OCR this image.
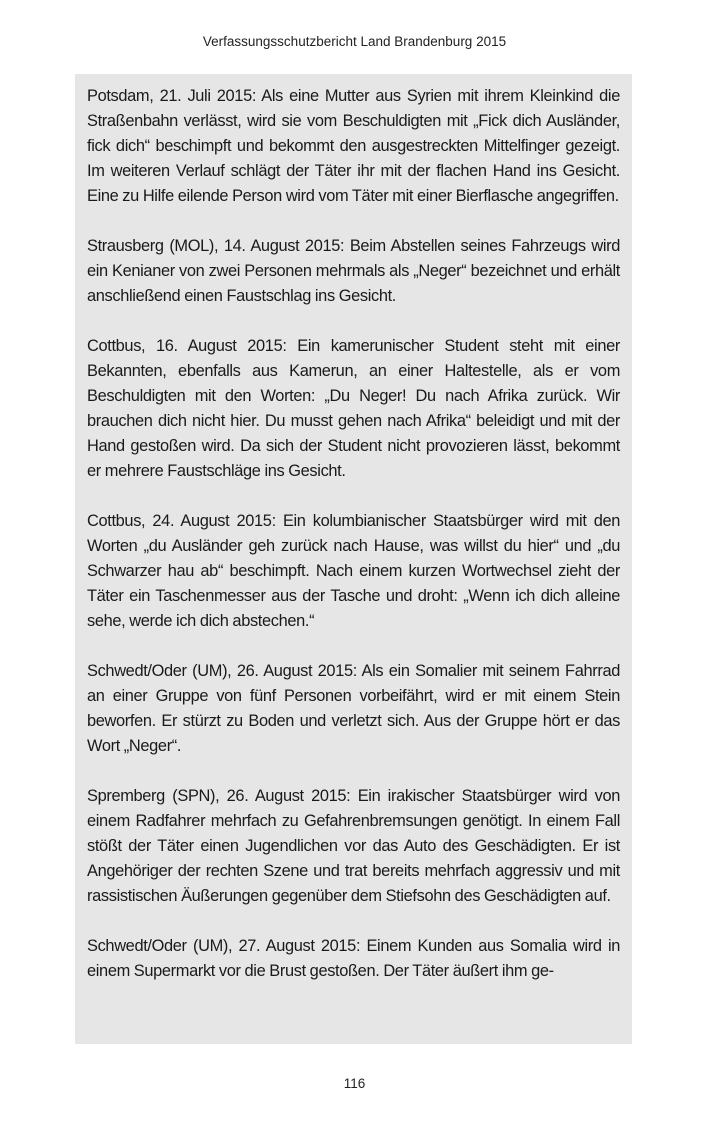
Verfassungsschutzbericht Land Brandenburg 2015

Potsdam, 21. Juli 2015: Als eine Mutter aus Syrien mit ihrem Kleinkind die Straßenbahn verlässt, wird sie vom Beschuldigten mit „Fick dich Ausländer, fick dich“ beschimpft und bekommt den ausgestreckten Mittelfinger gezeigt. Im weiteren Verlauf schlägt der Täter ihr mit der flachen Hand ins Gesicht. Eine zu Hilfe eilende Person wird vom Täter mit einer Bierflasche angegriffen.

Strausberg (MOL), 14. August 2015: Beim Abstellen seines Fahrzeugs wird ein Kenianer von zwei Personen mehrmals als „Neger“ bezeichnet und erhält anschließend einen Faustschlag ins Gesicht.

Cottbus, 16. August 2015: Ein kamerunischer Student steht mit einer Bekannten, ebenfalls aus Kamerun, an einer Haltestelle, als er vom Beschuldigten mit den Worten: „Du Neger! Du nach Afrika zurück. Wir brauchen dich nicht hier. Du musst gehen nach Afrika“ beleidigt und mit der Hand gestoßen wird. Da sich der Student nicht provozieren lässt, bekommt er mehrere Faustschläge ins Gesicht.

Cottbus, 24. August 2015: Ein kolumbianischer Staatsbürger wird mit den Worten „du Ausländer geh zurück nach Hause, was willst du hier“ und „du Schwarzer hau ab“ beschimpft. Nach einem kurzen Wortwechsel zieht der Täter ein Taschenmesser aus der Tasche und droht: „Wenn ich dich alleine sehe, werde ich dich abstechen.“

Schwedt/Oder (UM), 26. August 2015: Als ein Somalier mit seinem Fahrrad an einer Gruppe von fünf Personen vorbeifährt, wird er mit einem Stein beworfen. Er stürzt zu Boden und verletzt sich. Aus der Gruppe hört er das Wort „Neger“.

Spremberg (SPN), 26. August 2015: Ein irakischer Staatsbürger wird von einem Radfahrer mehrfach zu Gefahrenbremsungen genötigt. In einem Fall stößt der Täter einen Jugendlichen vor das Auto des Geschädigten. Er ist Angehöriger der rechten Szene und trat bereits mehrfach aggressiv und mit rassistischen Äußerungen gegenüber dem Stiefsohn des Geschädigten auf.

Schwedt/Oder (UM), 27. August 2015: Einem Kunden aus Somalia wird in einem Supermarkt vor die Brust gestoßen. Der Täter äußert ihm ge-

116
